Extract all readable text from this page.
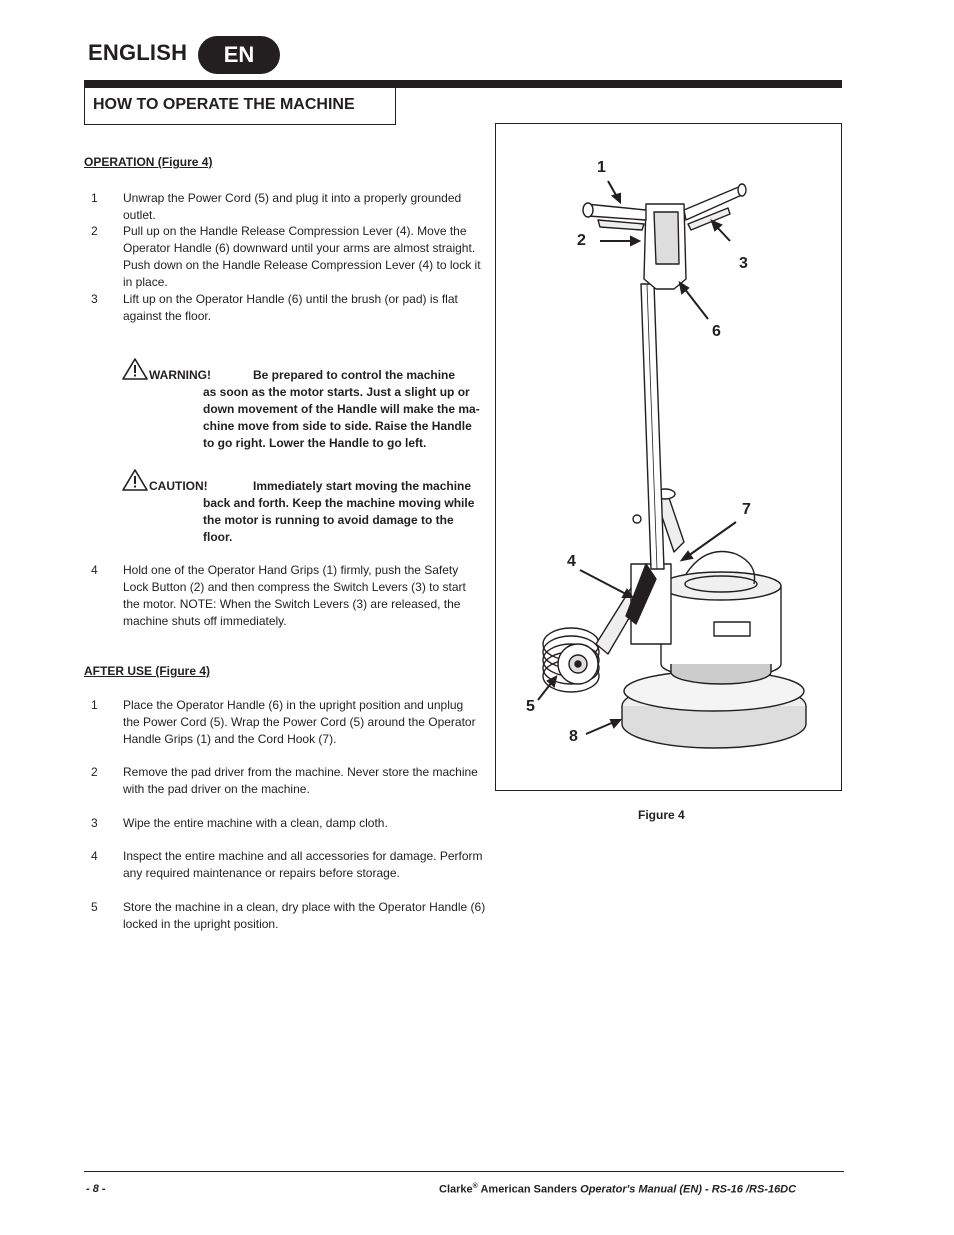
ENGLISH	EN
HOW TO OPERATE THE MACHINE
OPERATION (Figure 4)
1	Unwrap the Power Cord (5) and plug it into a properly grounded
outlet.
2	Pull up on the Handle Release Compression Lever (4). Move the
Operator Handle (6) downward until your arms are almost straight.
Push down on the Handle Release Compression Lever (4) to lock it
in place.
3	Lift up on the Operator Handle (6) until the brush (or pad) is flat
against the floor.
WARNING!	Be prepared to control the machine
as soon as the motor starts. Just a slight up or
down movement of the Handle will make the ma-
chine move from side to side. Raise the Handle
to go right. Lower the Handle to go left.
CAUTION!	Immediately start moving the machine
back and forth. Keep the machine moving while
the motor is running to avoid damage to the
floor.
4	Hold one of the Operator Hand Grips (1) firmly, push the Safety
Lock Button (2) and then compress the Switch Levers (3) to start
the motor. NOTE: When the Switch Levers (3) are released, the
machine shuts off immediately.
AFTER USE (Figure 4)
1	Place the Operator Handle (6) in the upright position and unplug
the Power Cord (5). Wrap the Power Cord (5) around the Operator
Handle Grips (1) and the Cord Hook (7).
2	Remove the pad driver from the machine. Never store the machine
with the pad driver on the machine.
3	Wipe the entire machine with a clean, damp cloth.
4	Inspect the entire machine and all accessories for damage. Perform
any required maintenance or repairs before storage.
5	Store the machine in a clean, dry place with the Operator Handle (6)
locked in the upright position.
1
2
3
6
7
4
5
8
Figure 4
- 8 -	Clarke® American Sanders Operator's Manual (EN) - RS-16 /RS-16DC
